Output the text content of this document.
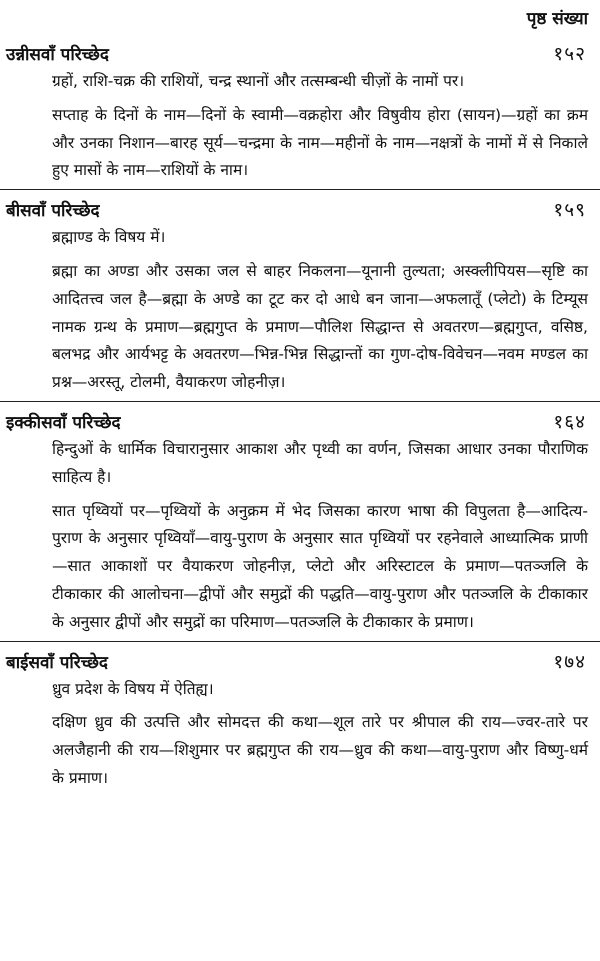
पृष्ठ संख्या
उन्नीसवाँ परिच्छेद	१५२

ग्रहों, राशि-चक्र की राशियों, चन्द्र स्थानों और तत्सम्बन्धी चीज़ों के नामों पर।

सप्ताह के दिनों के नाम—दिनों के स्वामी—वक्रहोरा और विषुवीय होरा (सायन)—ग्रहों का क्रम और उनका निशान—बारह सूर्य—चन्द्रमा के नाम—महीनों के नाम—नक्षत्रों के नामों में से निकाले हुए मासों के नाम—राशियों के नाम।

बीसवाँ परिच्छेद	१५९

ब्रह्माण्ड के विषय में।

ब्रह्मा का अण्डा और उसका जल से बाहर निकलना—यूनानी तुल्यता; अस्क्लीपियस—सृष्टि का आदितत्त्व जल है—ब्रह्मा के अण्डे का टूट कर दो आधे बन जाना—अफलातूँ (प्लेटो) के टिम्यूस नामक ग्रन्थ के प्रमाण—ब्रह्मगुप्त के प्रमाण—पौलिश सिद्धान्त से अवतरण—ब्रह्मगुप्त, वसिष्ठ, बलभद्र और आर्यभट्ट के अवतरण—भिन्न-भिन्न सिद्धान्तों का गुण-दोष-विवेचन—नवम मण्डल का प्रश्न—अरस्तू, टोलमी, वैयाकरण जोहनीज़।

इक्कीसवाँ परिच्छेद	१६४

हिन्दुओं के धार्मिक विचारानुसार आकाश और पृथ्वी का वर्णन, जिसका आधार उनका पौराणिक साहित्य है।

सात पृथ्वियों पर—पृथ्वियों के अनुक्रम में भेद जिसका कारण भाषा की विपुलता है—आदित्य-पुराण के अनुसार पृथ्वियाँ—वायु-पुराण के अनुसार सात पृथ्वियों पर रहनेवाले आध्यात्मिक प्राणी—सात आकाशों पर वैयाकरण जोहनीज़, प्लेटो और अरिस्टाटल के प्रमाण—पतञ्जलि के टीकाकार की आलोचना—द्वीपों और समुद्रों की पद्धति—वायु-पुराण और पतञ्जलि के टीकाकार के अनुसार द्वीपों और समुद्रों का परिमाण—पतञ्जलि के टीकाकार के प्रमाण।

बाईसवाँ परिच्छेद	१७४

ध्रुव प्रदेश के विषय में ऐतिह्य।

दक्षिण ध्रुव की उत्पत्ति और सोमदत्त की कथा—शूल तारे पर श्रीपाल की राय—ज्वर-तारे पर अलजैहानी की राय—शिशुमार पर ब्रह्मगुप्त की राय—ध्रुव की कथा—वायु-पुराण और विष्णु-धर्म के प्रमाण।
